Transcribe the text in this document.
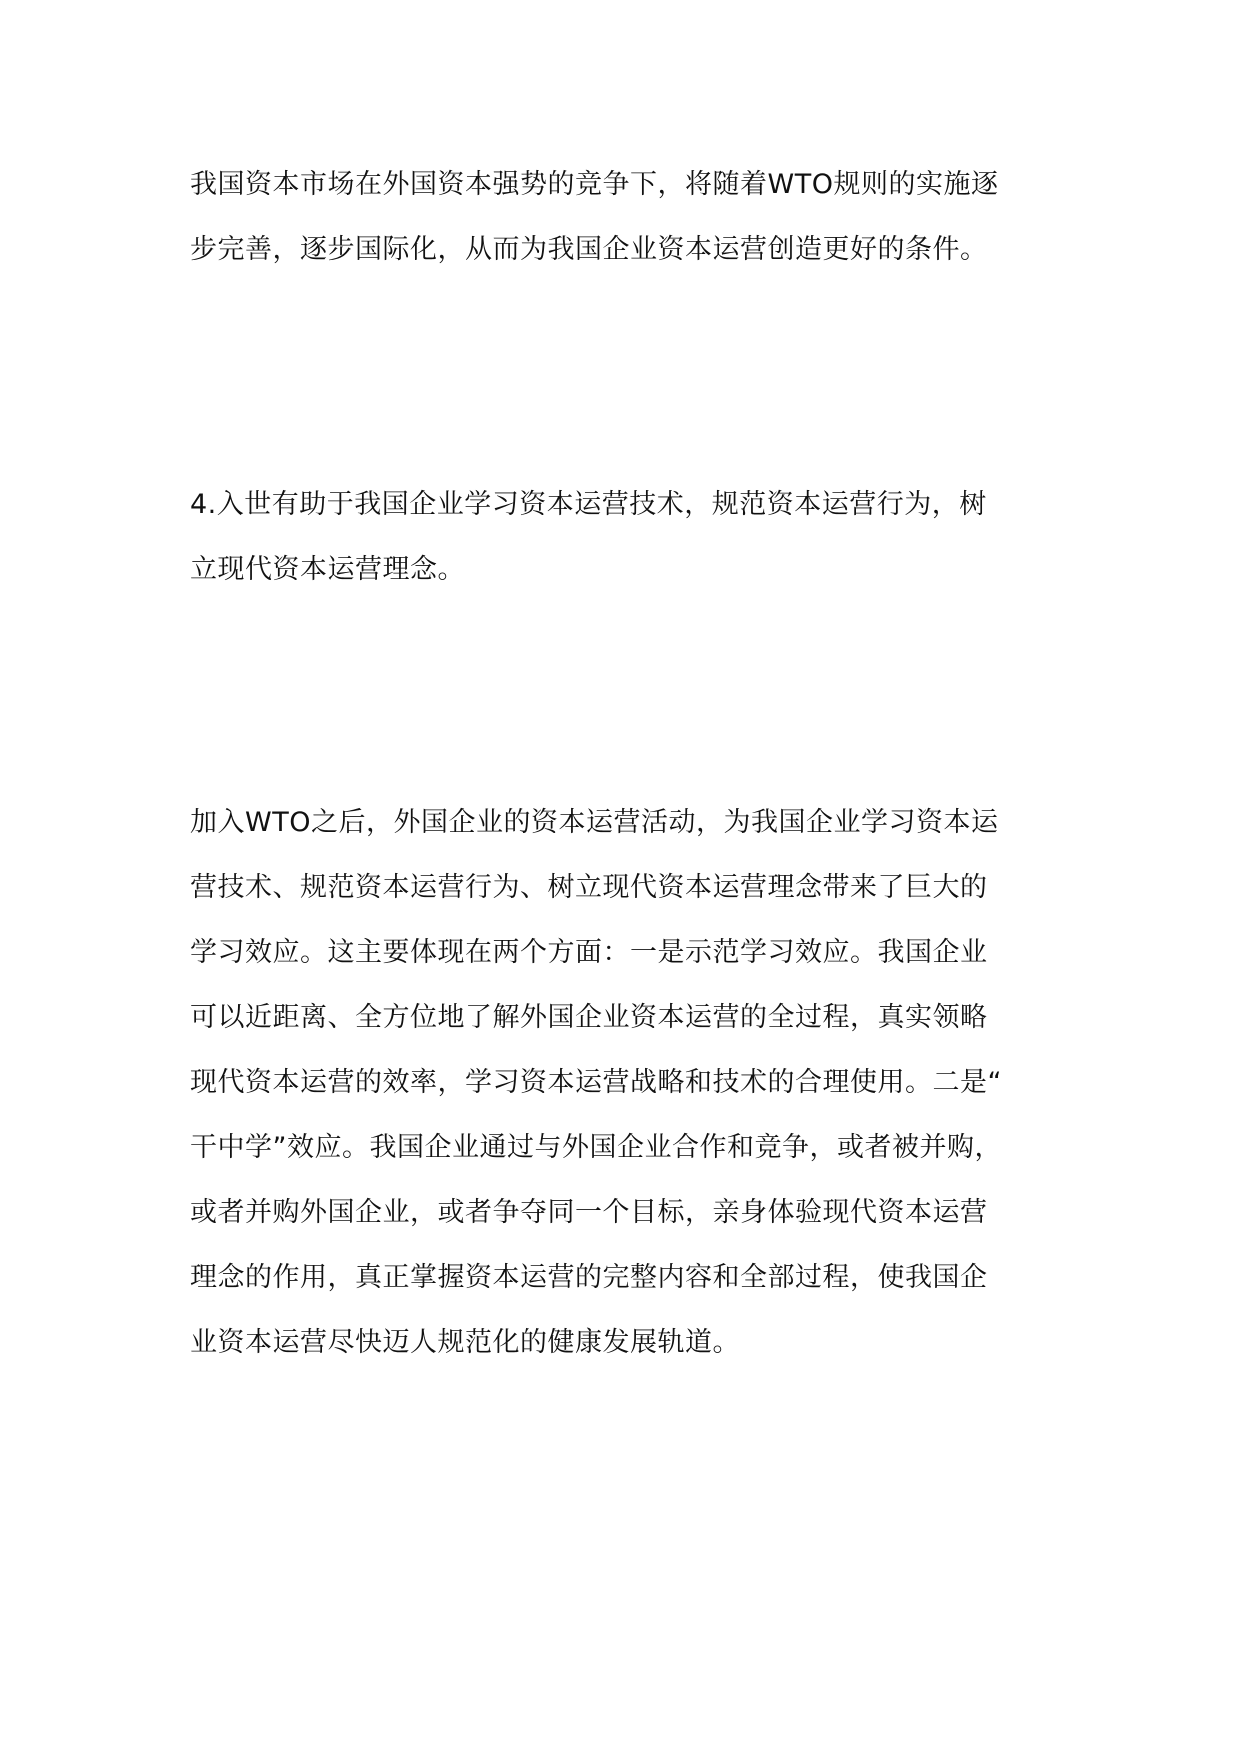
我国资本市场在外国资本强势的竞争下，将随着WTO规则的实施逐
步完善，逐步国际化，从而为我国企业资本运营创造更好的条件。

4.入世有助于我国企业学习资本运营技术，规范资本运营行为，树
立现代资本运营理念。

加入WTO之后，外国企业的资本运营活动，为我国企业学习资本运
营技术、规范资本运营行为、树立现代资本运营理念带来了巨大的
学习效应。这主要体现在两个方面：一是示范学习效应。我国企业
可以近距离、全方位地了解外国企业资本运营的全过程，真实领略
现代资本运营的效率，学习资本运营战略和技术的合理使用。二是“
干中学”效应。我国企业通过与外国企业合作和竞争，或者被并购，
或者并购外国企业，或者争夺同一个目标，亲身体验现代资本运营
理念的作用，真正掌握资本运营的完整内容和全部过程，使我国企
业资本运营尽快迈人规范化的健康发展轨道。
